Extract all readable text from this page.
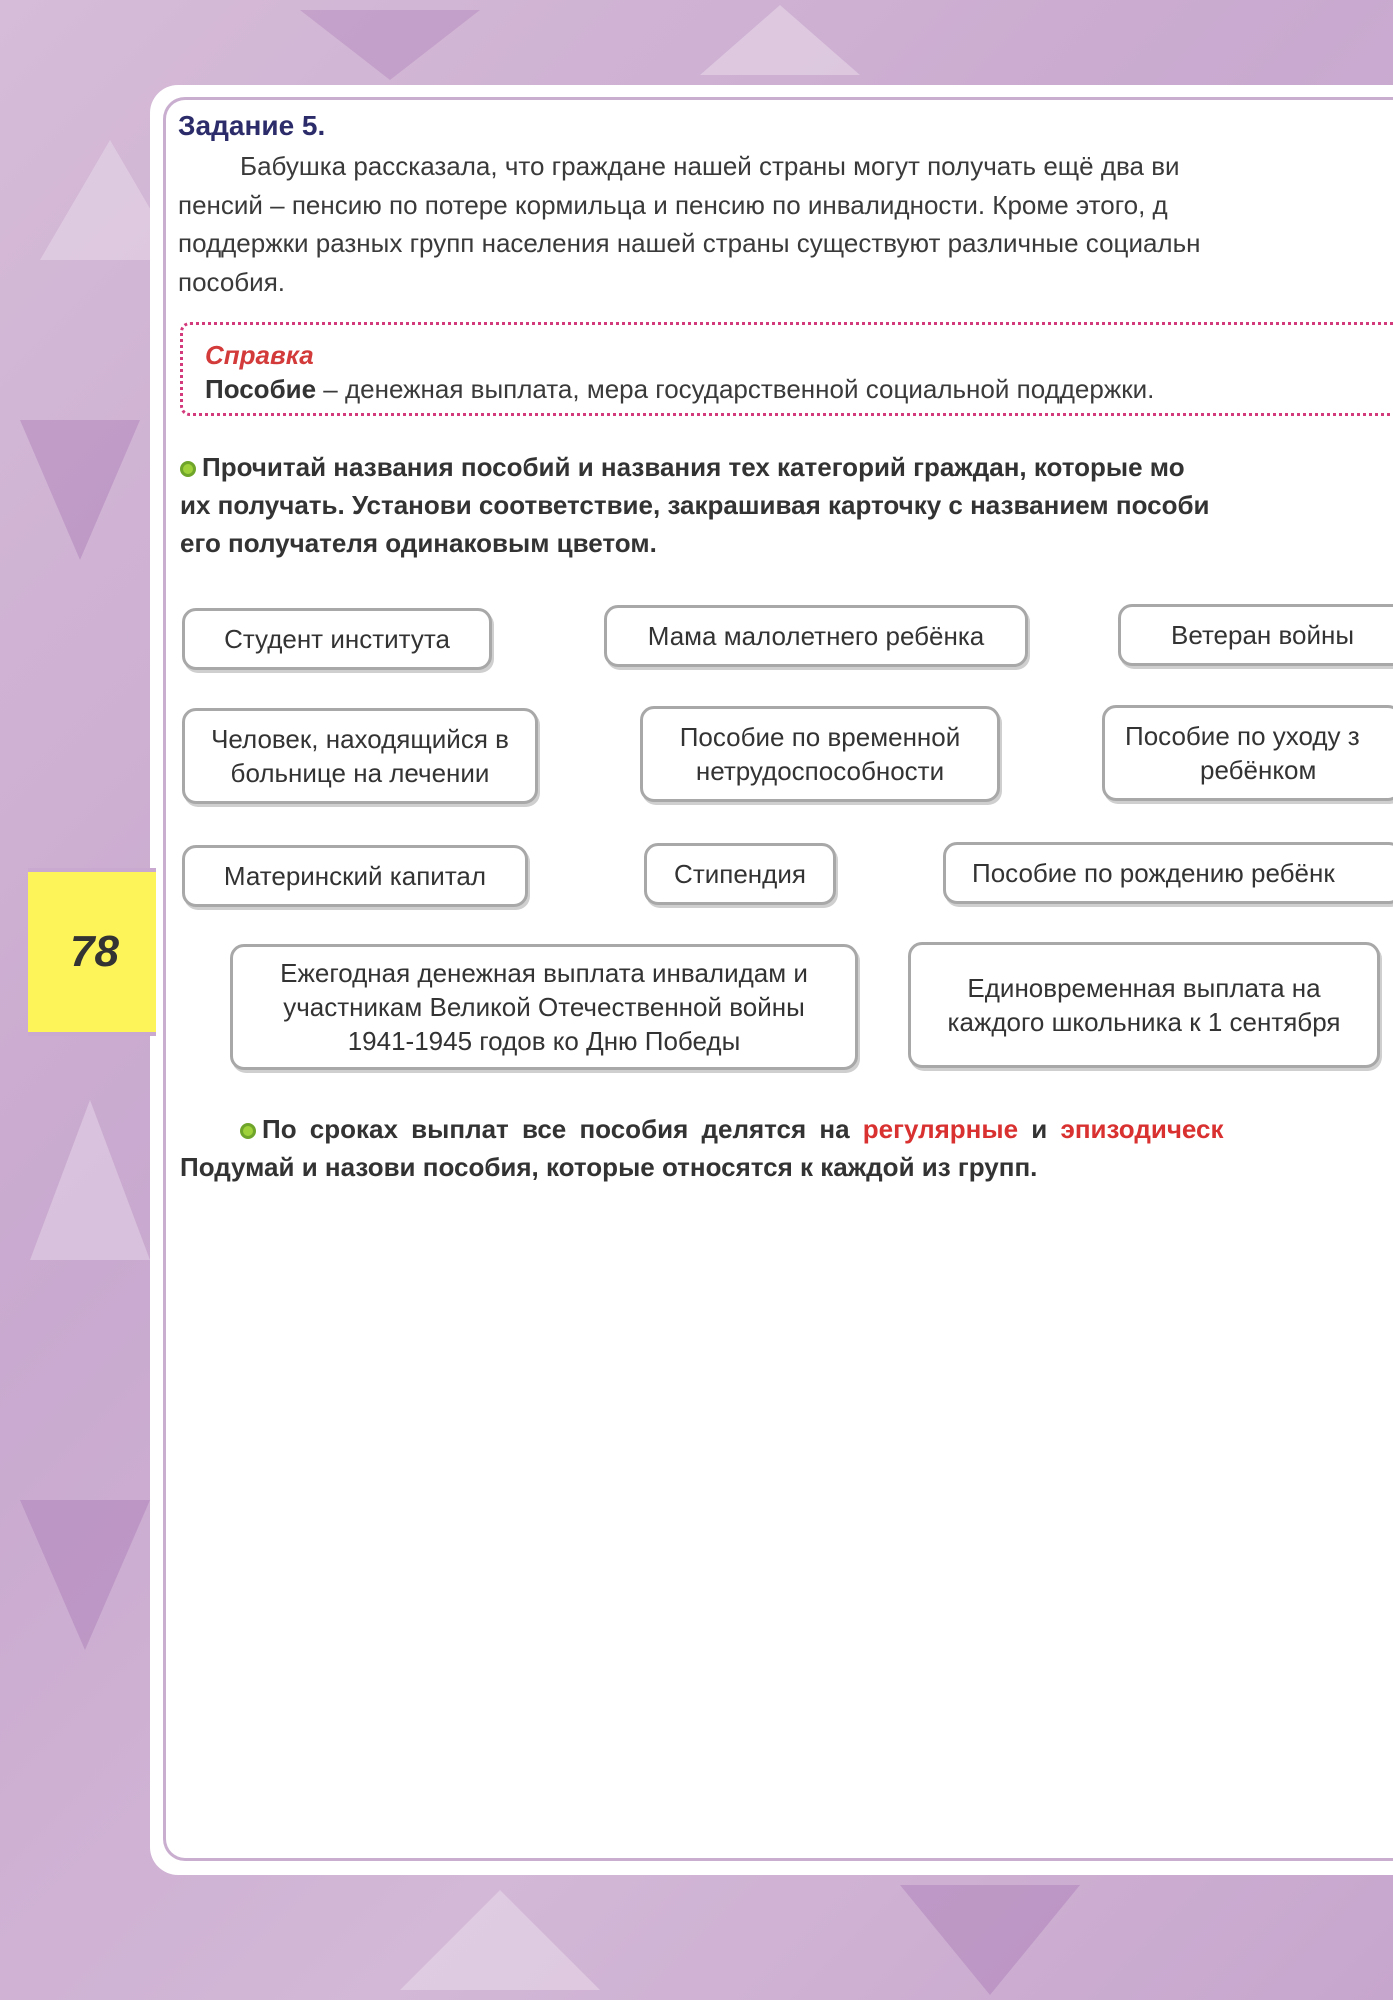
78
Задание 5.
Бабушка рассказала, что граждане нашей страны могут получать ещё два ви
пенсий – пенсию по потере кормильца и пенсию по инвалидности. Кроме этого, д
поддержки разных групп населения нашей страны существуют различные социальн
пособия.
Справка
Пособие – денежная выплата, мера государственной социальной поддержки.
Прочитай названия пособий и названия тех категорий граждан, которые мо
их получать. Установи соответствие, закрашивая карточку с названием пособи
его получателя одинаковым цветом.
Студент института	Мама малолетнего ребёнка	Ветеран войны
Человек, находящийся в
больнице на лечении
Пособие по временной
нетрудоспособности
Пособие по уходу з
ребёнком
Материнский капитал	Стипендия	Пособие по рождению ребёнк
Ежегодная денежная выплата инвалидам и
участникам Великой Отечественной войны
1941-1945 годов ко Дню Победы
Единовременная выплата на
каждого школьника к 1 сентября
По сроках выплат все пособия делятся на регулярные и эпизодическ
Подумай и назови пособия, которые относятся к каждой из групп.
